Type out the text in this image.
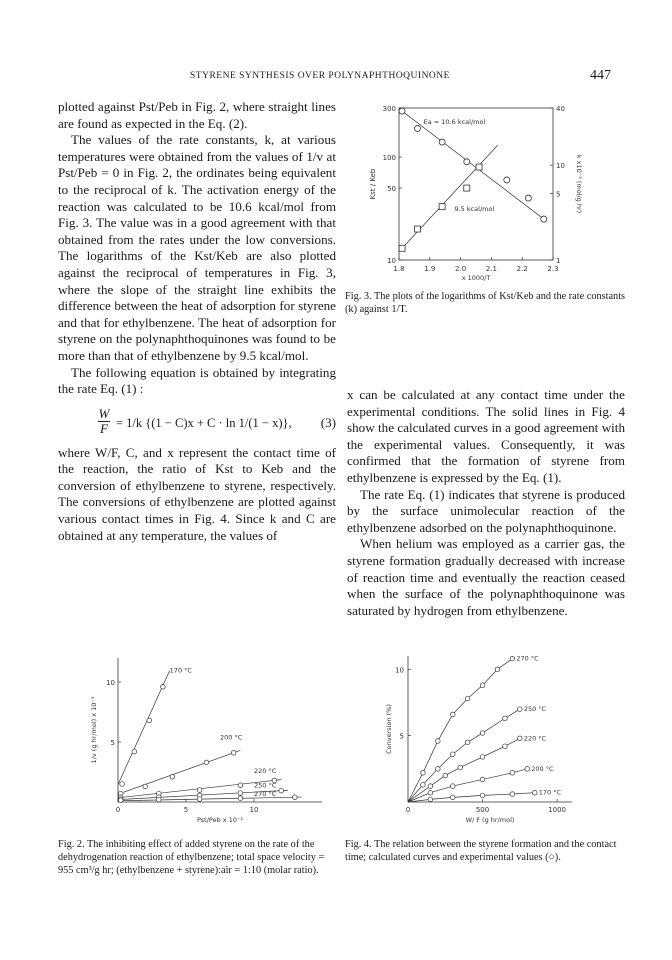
STYRENE SYNTHESIS OVER POLYNAPHTHOQUINONE	447

plotted against Pst/Peb in Fig. 2, where straight lines are found as expected in the Eq. (2).

The values of the rate constants, k, at various temperatures were obtained from the values of 1/v at Pst/Peb = 0 in Fig. 2, the ordinates being equivalent to the reciprocal of k. The activation energy of the reaction was calculated to be 10.6 kcal/mol from Fig. 3. The value was in a good agreement with that obtained from the rates under the low conversions. The logarithms of the Kst/Keb are also plotted against the reciprocal of temperatures in Fig. 3, where the slope of the straight line exhibits the difference between the heat of adsorption for styrene and that for ethylbenzene. The heat of adsorption for styrene on the polynaphthoquinones was found to be more than that of ethylbenzene by 9.5 kcal/mol.

The following equation is obtained by integrating the rate Eq. (1) :

$\frac{W}{F} = 1/k$ {(1 − C)x + C · ln 1/(1 − x)}, (3)

where W/F, C, and x represent the contact time of the reaction, the ratio of Kst to Keb and the conversion of ethylbenzene to styrene, respectively. The conversions of ethylbenzene are plotted against various contact times in Fig. 4. Since k and C are obtained at any temperature, the values of

x can be calculated at any contact time under the experimental conditions. The solid lines in Fig. 4 show the calculated curves in a good agreement with the experimental values. Consequently, it was confirmed that the formation of styrene from ethylbenzene is expressed by the Eq. (1).

The rate Eq. (1) indicates that styrene is produced by the surface unimolecular reaction of the ethylbenzene adsorbed on the polynaphthoquinone.

When helium was employed as a carrier gas, the styrene formation gradually decreased with increase of reaction time and eventually the reaction ceased when the surface of the polynaphthoquinone was saturated by hydrogen from ethylbenzene.

1.8	1.9	2.0	2.1	2.2	2.3
300
100
50
10
40
10
5
1
x 1000/T
Kst / Keb	k x10⁻³ (mol/g hr)
Ea = 10.6 kcal/mol
9.5 kcal/mol
Fig. 3. The plots of the logarithms of Kst/Keb and the rate constants (k) against 1/T.
0	5	10
5
10
Pst/Peb x 10⁻²
1/v (g hr/mol) x 10⁻³
170 °C
200 °C
220 °C
250 °C
270 °C
Fig. 2. The inhibiting effect of added styrene on the rate of the dehydrogenation reaction of ethylbenzene; total space velocity = 955 cm³/g hr; (ethylbenzene + styrene):air = 1:10 (molar ratio).
0	500	1000
5
10
W/ F (g hr/mol)
Conversion (%)
270 °C
250 °C
220 °C
200 °C
170 °C
Fig. 4. The relation between the styrene formation and the contact time; calculated curves and experimental values (○).
